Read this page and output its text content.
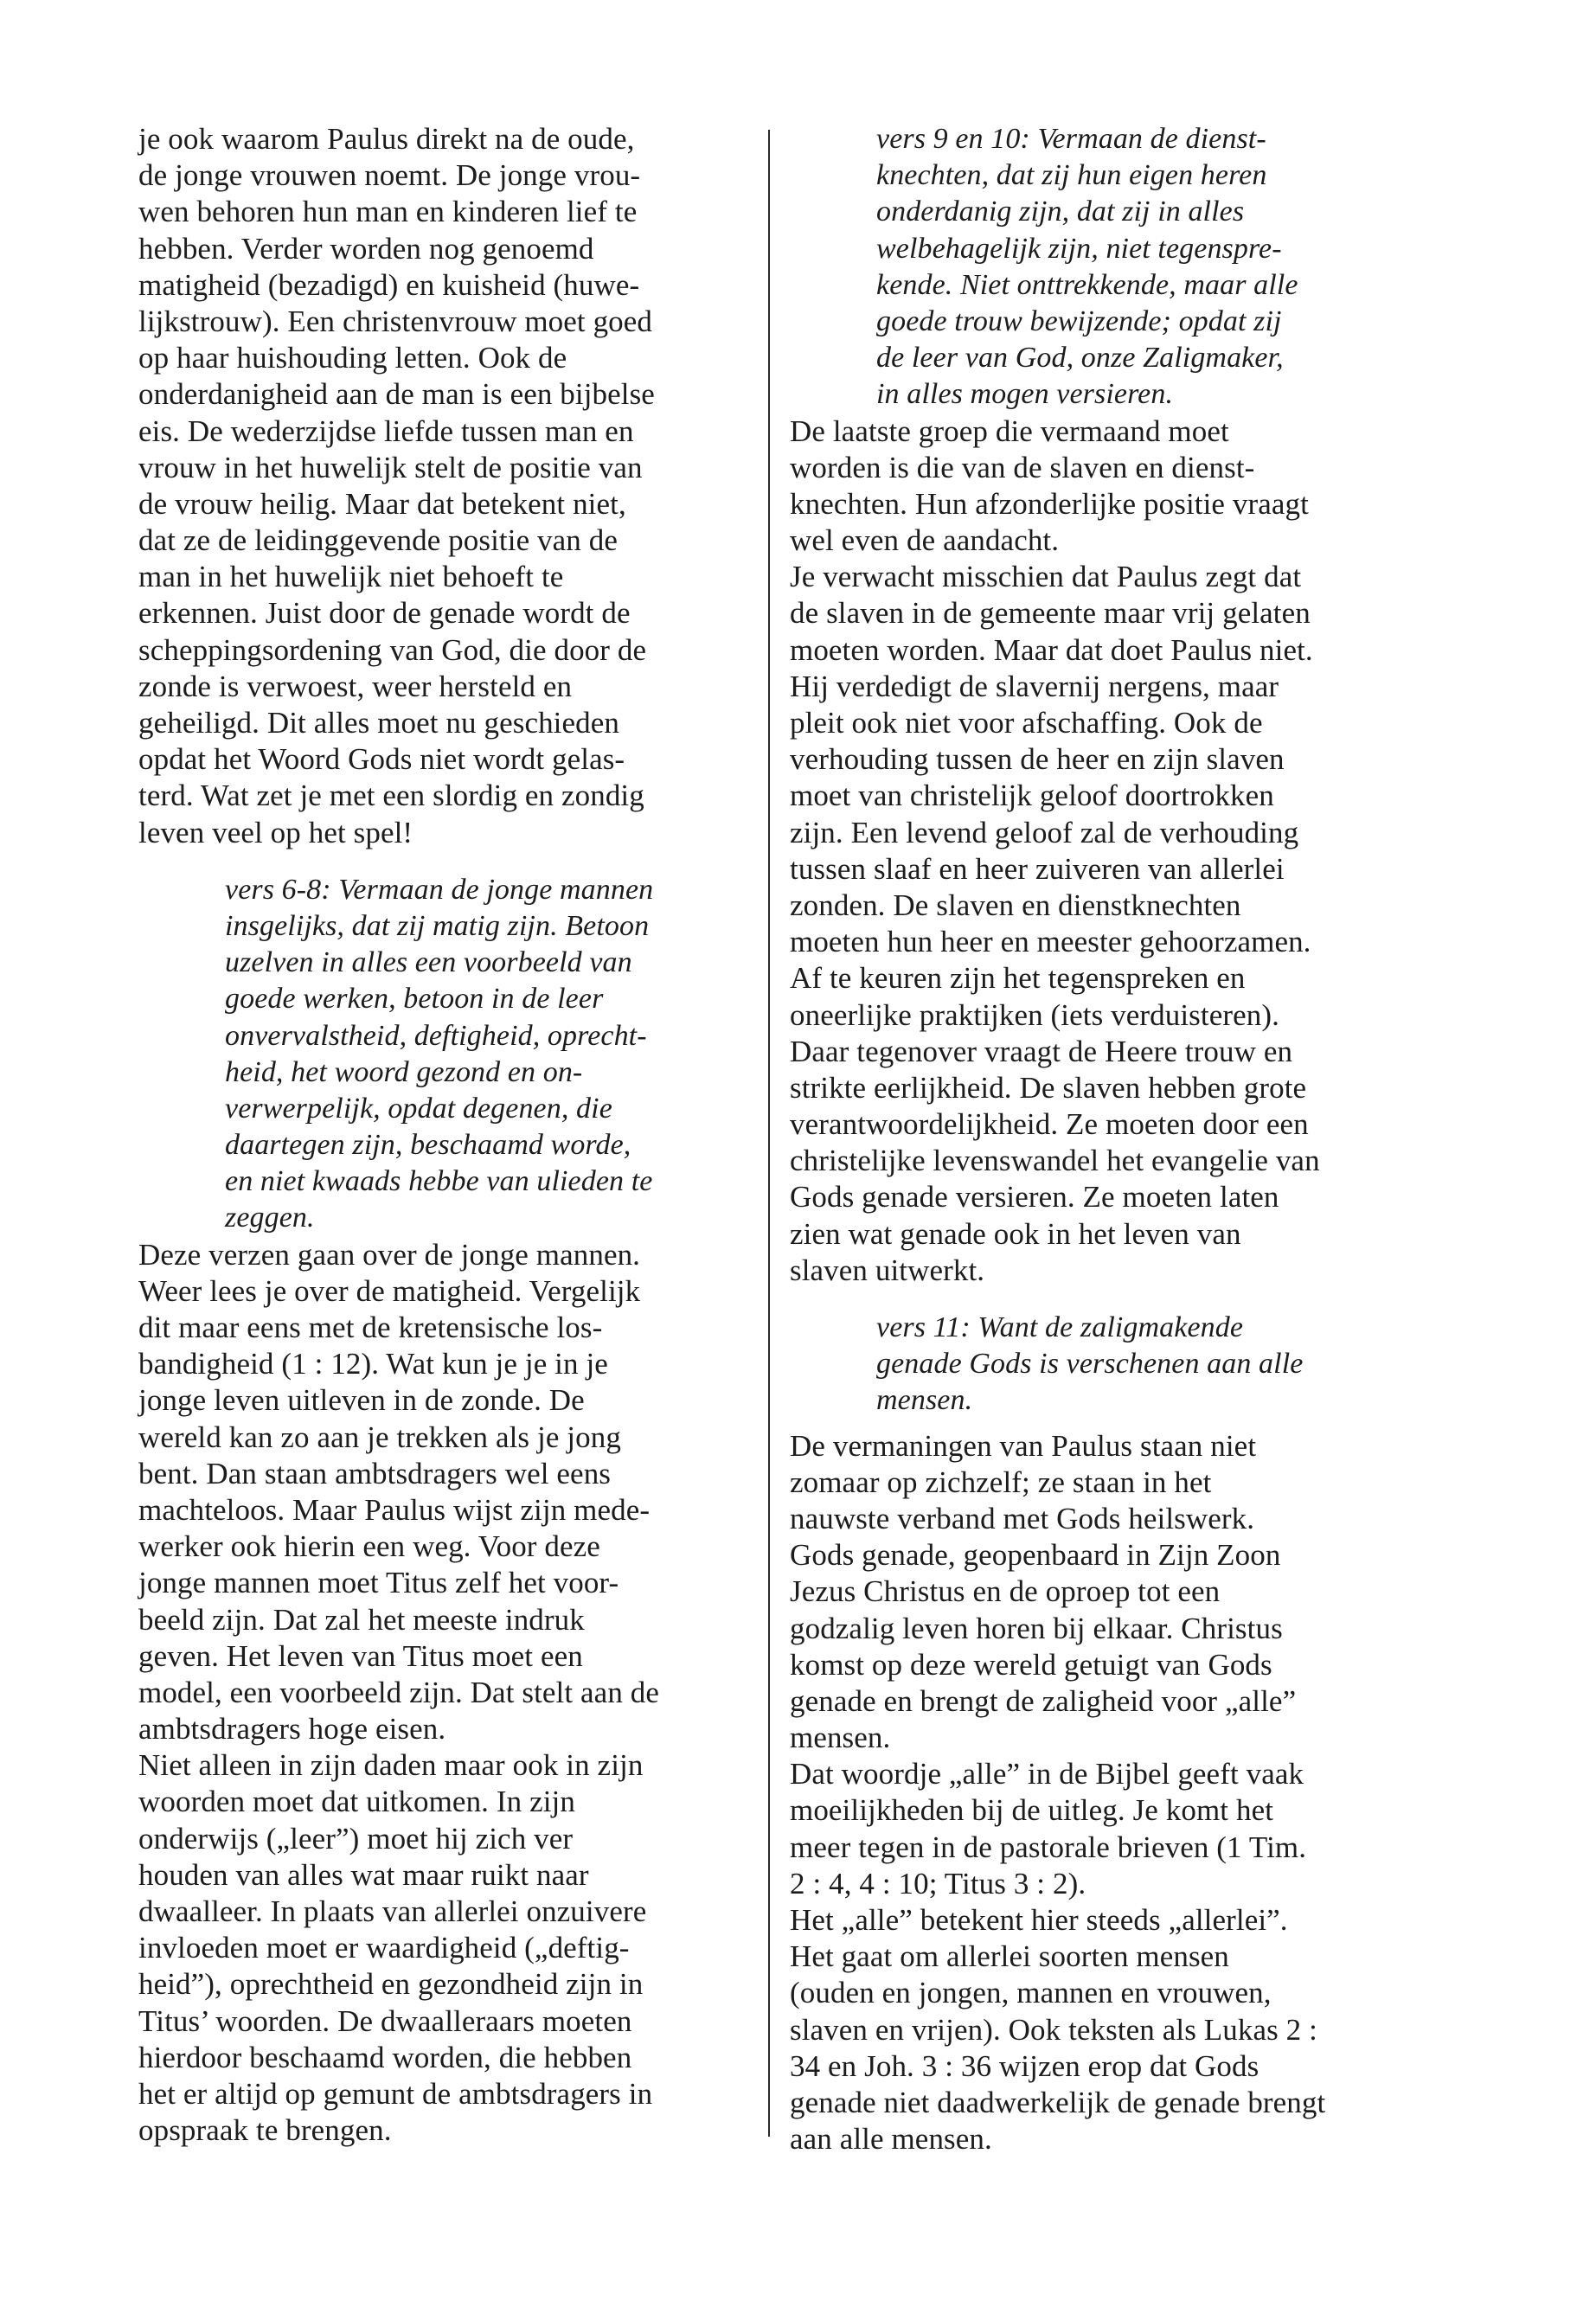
je ook waarom Paulus direkt na de oude,
de jonge vrouwen noemt. De jonge vrou-
wen behoren hun man en kinderen lief te
hebben. Verder worden nog genoemd
matigheid (bezadigd) en kuisheid (huwe-
lijkstrouw). Een christenvrouw moet goed
op haar huishouding letten. Ook de
onderdanigheid aan de man is een bijbelse
eis. De wederzijdse liefde tussen man en
vrouw in het huwelijk stelt de positie van
de vrouw heilig. Maar dat betekent niet,
dat ze de leidinggevende positie van de
man in het huwelijk niet behoeft te
erkennen. Juist door de genade wordt de
scheppingsordening van God, die door de
zonde is verwoest, weer hersteld en
geheiligd. Dit alles moet nu geschieden
opdat het Woord Gods niet wordt gelas-
terd. Wat zet je met een slordig en zondig
leven veel op het spel!
vers 6-8: Vermaan de jonge mannen
insgelijks, dat zij matig zijn. Betoon
uzelven in alles een voorbeeld van
goede werken, betoon in de leer
onvervalstheid, deftigheid, oprecht-
heid, het woord gezond en on-
verwerpelijk, opdat degenen, die
daartegen zijn, beschaamd worde,
en niet kwaads hebbe van ulieden te
zeggen.
Deze verzen gaan over de jonge mannen.
Weer lees je over de matigheid. Vergelijk
dit maar eens met de kretensische los-
bandigheid (1 : 12). Wat kun je je in je
jonge leven uitleven in de zonde. De
wereld kan zo aan je trekken als je jong
bent. Dan staan ambtsdragers wel eens
machteloos. Maar Paulus wijst zijn mede-
werker ook hierin een weg. Voor deze
jonge mannen moet Titus zelf het voor-
beeld zijn. Dat zal het meeste indruk
geven. Het leven van Titus moet een
model, een voorbeeld zijn. Dat stelt aan de
ambtsdragers hoge eisen.
Niet alleen in zijn daden maar ook in zijn
woorden moet dat uitkomen. In zijn
onderwijs („leer”) moet hij zich ver
houden van alles wat maar ruikt naar
dwaalleer. In plaats van allerlei onzuivere
invloeden moet er waardigheid („deftig-
heid”), oprechtheid en gezondheid zijn in
Titus’ woorden. De dwaalleraars moeten
hierdoor beschaamd worden, die hebben
het er altijd op gemunt de ambtsdragers in
opspraak te brengen.
vers 9 en 10: Vermaan de dienst-
knechten, dat zij hun eigen heren
onderdanig zijn, dat zij in alles
welbehagelijk zijn, niet tegenspre-
kende. Niet onttrekkende, maar alle
goede trouw bewijzende; opdat zij
de leer van God, onze Zaligmaker,
in alles mogen versieren.
De laatste groep die vermaand moet
worden is die van de slaven en dienst-
knechten. Hun afzonderlijke positie vraagt
wel even de aandacht.
Je verwacht misschien dat Paulus zegt dat
de slaven in de gemeente maar vrij gelaten
moeten worden. Maar dat doet Paulus niet.
Hij verdedigt de slavernij nergens, maar
pleit ook niet voor afschaffing. Ook de
verhouding tussen de heer en zijn slaven
moet van christelijk geloof doortrokken
zijn. Een levend geloof zal de verhouding
tussen slaaf en heer zuiveren van allerlei
zonden. De slaven en dienstknechten
moeten hun heer en meester gehoorzamen.
Af te keuren zijn het tegenspreken en
oneerlijke praktijken (iets verduisteren).
Daar tegenover vraagt de Heere trouw en
strikte eerlijkheid. De slaven hebben grote
verantwoordelijkheid. Ze moeten door een
christelijke levenswandel het evangelie van
Gods genade versieren. Ze moeten laten
zien wat genade ook in het leven van
slaven uitwerkt.
vers 11: Want de zaligmakende
genade Gods is verschenen aan alle
mensen.
De vermaningen van Paulus staan niet
zomaar op zichzelf; ze staan in het
nauwste verband met Gods heilswerk.
Gods genade, geopenbaard in Zijn Zoon
Jezus Christus en de oproep tot een
godzalig leven horen bij elkaar. Christus
komst op deze wereld getuigt van Gods
genade en brengt de zaligheid voor „alle”
mensen.
Dat woordje „alle” in de Bijbel geeft vaak
moeilijkheden bij de uitleg. Je komt het
meer tegen in de pastorale brieven (1 Tim.
2 : 4, 4 : 10; Titus 3 : 2).
Het „alle” betekent hier steeds „allerlei”.
Het gaat om allerlei soorten mensen
(ouden en jongen, mannen en vrouwen,
slaven en vrijen). Ook teksten als Lukas 2 :
34 en Joh. 3 : 36 wijzen erop dat Gods
genade niet daadwerkelijk de genade brengt
aan alle mensen.
